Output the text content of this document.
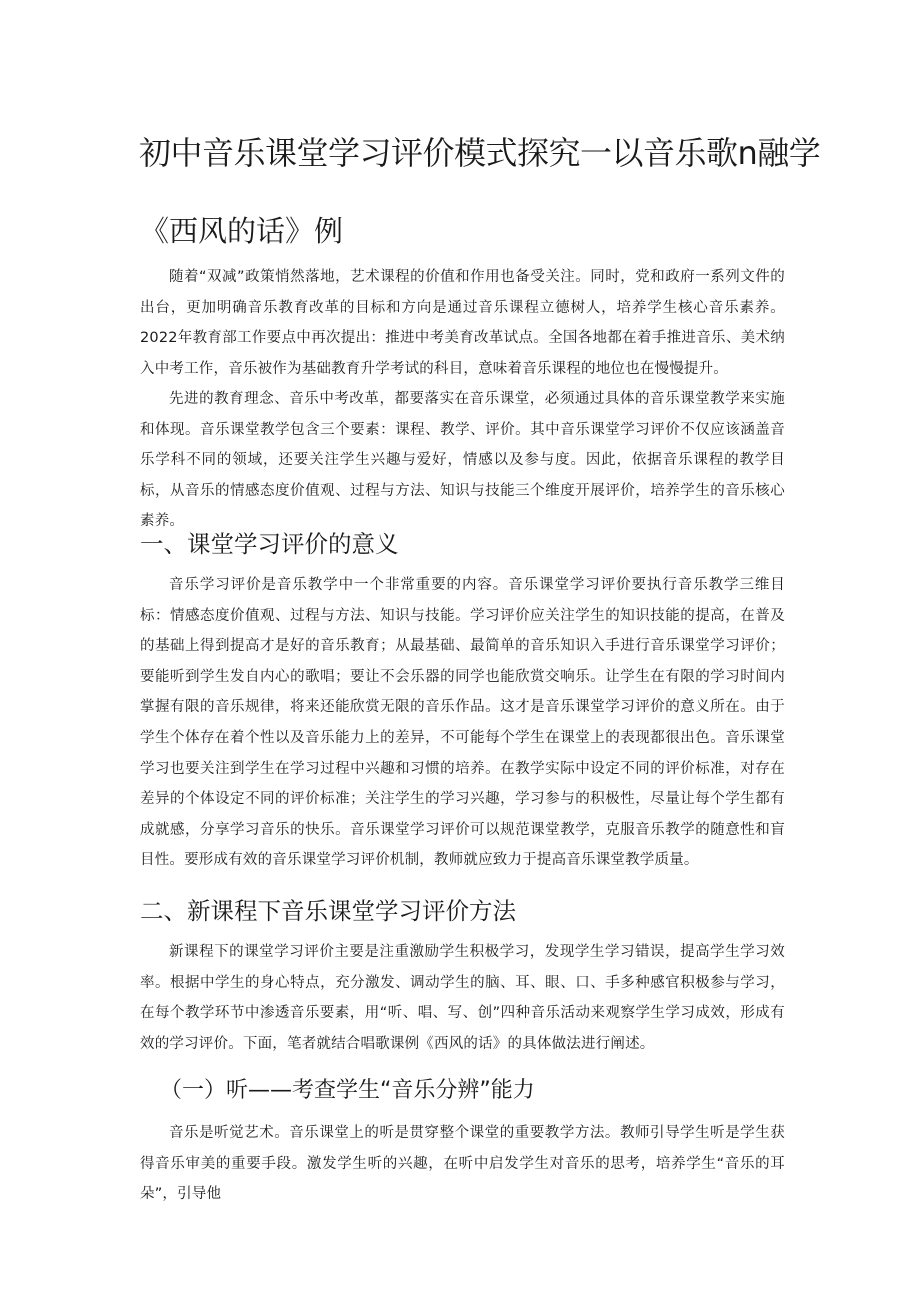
初中音乐课堂学习评价模式探究一以音乐歌​n融学
《西风的话》例

随着“双减”政策悄然落地，艺术课程的价值和作用也备受关注。同时，党和政府一系列文件的出台，更加明确音乐教育改革的目标和方向是通过音乐课程立德树人，培养学生核心音乐素养。2022年教育部工作要点中再次提出：推进中考美育改革试点。全国各地都在着手推进音乐、美术纳入中考工作，音乐被作为基础教育升学考试的科目，意味着音乐课程的地位也在慢慢提升。

先进的教育理念、音乐中考改革，都要落实在音乐课堂，必须通过具体的音乐课堂教学来实施和体现。音乐课堂教学包含三个要素：课程、教学、评价。其中音乐课堂学习评价不仅应该涵盖音乐学科不同的领域，还要关注学生兴趣与爱好，情感以及参与度。因此，依据音乐课程的教学目标，从音乐的情感态度价值观、过程与方法、知识与技能三个维度开展评价，培养学生的音乐核心素养。

一、课堂学习评价的意义

音乐学习评价是音乐教学中一个非常重要的内容。音乐课堂学习评价要执行音乐教学三维目标：情感态度价值观、过程与方法、知识与技能。学习评价应关注学生的知识技能的提高，在普及的基础上得到提高才是好的音乐教育；从最基础、最简单的音乐知识入手进行音乐课堂学习评价；要能听到学生发自内心的歌唱；要让不会乐器的同学也能欣赏交响乐。让学生在有限的学习时间内掌握有限的音乐规律，将来还能欣赏无限的音乐作品。这才是音乐课堂学习评价的意义所在。由于学生个体存在着个性以及音乐能力上的差异，不可能每个学生在课堂上的表现都很出色。音乐课堂学习也要关注到学生在学习过程中兴趣和习惯的培养。在教学实际中设定不同的评价标准，对存在差异的个体设定不同的评价标准；关注学生的学习兴趣，学习参与的积极性，尽量让每个学生都有成就感，分享学习音乐的快乐。音乐课堂学习评价可以规范课堂教学，克服音乐教学的随意性和盲目性。要形成有效的音乐课堂学习评价机制，教师就应致力于提高音乐课堂教学质量。

二、新课程下音乐课堂学习评价方法

新课程下的课堂学习评价主要是注重激励学生积极学习，发现学生学习错误，提高学生学习效率。根据中学生的身心特点，充分激发、调动学生的脑、耳、眼、口、手多种感官积极参与学习，在每个教学环节中渗透音乐要素，用“听、唱、写、创”四种音乐活动来观察学生学习成效，形成有效的学习评价。下面，笔者就结合唱歌课例《西风的话》的具体做法进行阐述。

（一）听——考查学生“音乐分辨”能力

音乐是听觉艺术。音乐课堂上的听是贯穿整个课堂的重要教学方法。教师引导学生听是学生获得音乐审美的重要手段。激发学生听的兴趣，在听中启发学生对音乐的思考，培养学生“音乐的耳朵”，引导他
